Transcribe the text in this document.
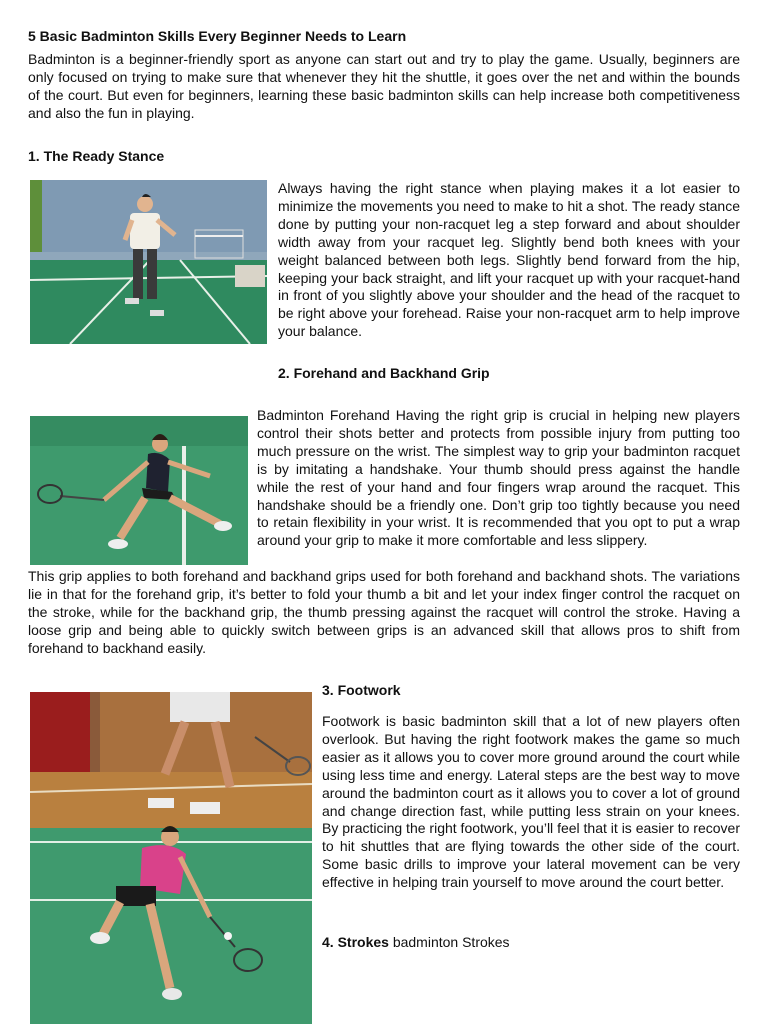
5 Basic Badminton Skills Every Beginner Needs to Learn
Badminton is a beginner-friendly sport as anyone can start out and try to play the game. Usually, beginners are only focused on trying to make sure that whenever they hit the shuttle, it goes over the net and within the bounds of the court. But even for beginners, learning these basic badminton skills can help increase both competitiveness and also the fun in playing.
1. The Ready Stance
Always having the right stance when playing makes it a lot easier to minimize the movements you need to make to hit a shot. The ready stance done by putting your non-racquet leg a step forward and about shoulder width away from your racquet leg. Slightly bend both knees with your weight balanced between both legs. Slightly bend forward from the hip, keeping your back straight, and lift your racquet up with your racquet-hand in front of you slightly above your shoulder and the head of the racquet to be right above your forehead. Raise your non-racquet arm to help improve your balance.
2. Forehand and Backhand Grip
Badminton Forehand Having the right grip is crucial in helping new players control their shots better and protects from possible injury from putting too much pressure on the wrist. The simplest way to grip your badminton racquet is by imitating a handshake. Your thumb should press against the handle while the rest of your hand and four fingers wrap around the racquet. This handshake should be a friendly one. Don’t grip too tightly because you need to retain flexibility in your wrist. It is recommended that you opt to put a wrap around your grip to make it more comfortable and less slippery.
This grip applies to both forehand and backhand grips used for both forehand and backhand shots. The variations lie in that for the forehand grip, it’s better to fold your thumb a bit and let your index finger control the racquet on the stroke, while for the backhand grip, the thumb pressing against the racquet will control the stroke. Having a loose grip and being able to quickly switch between grips is an advanced skill that allows pros to shift from forehand to backhand easily.
3. Footwork
Footwork is basic badminton skill that a lot of new players often overlook. But having the right footwork makes the game so much easier as it allows you to cover more ground around the court while using less time and energy. Lateral steps are the best way to move around the badminton court as it allows you to cover a lot of ground and change direction fast, while putting less strain on your knees. By practicing the right footwork, you’ll feel that it is easier to recover to hit shuttles that are flying towards the other side of the court. Some basic drills to improve your lateral movement can be very effective in helping train yourself to move around the court better.
4. Strokes badminton Strokes
